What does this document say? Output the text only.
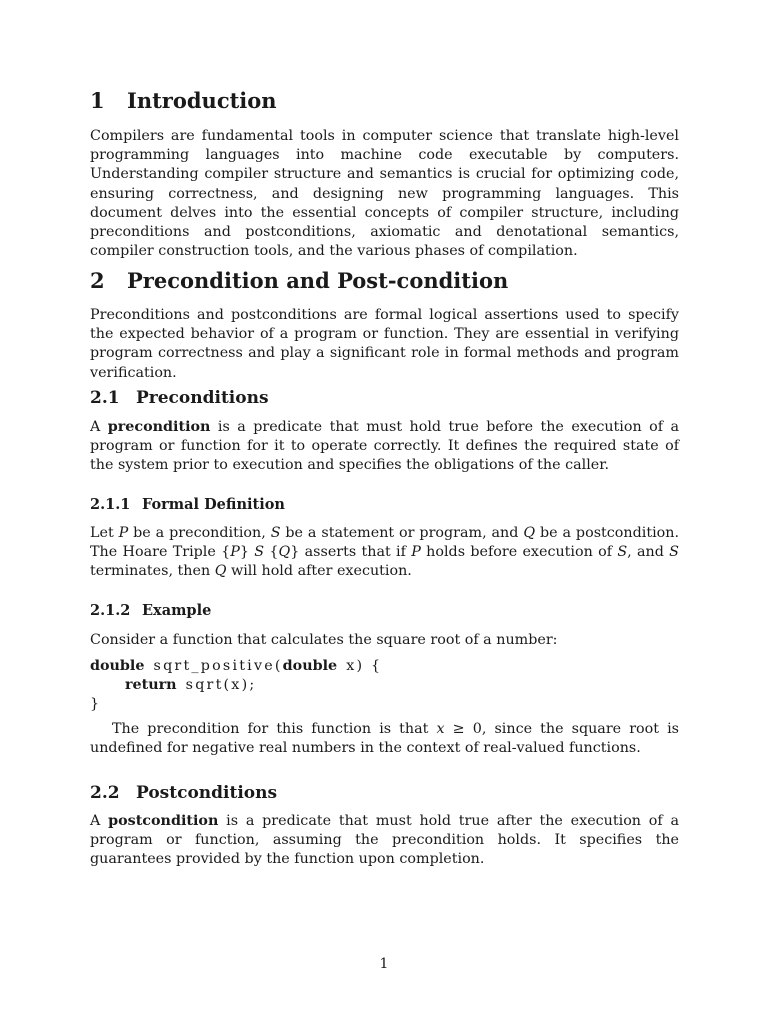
1 Introduction

Compilers are fundamental tools in computer science that translate high-level programming languages into machine code executable by computers. Understanding compiler structure and semantics is crucial for optimizing code, ensuring correctness, and designing new programming languages. This document delves into the essential concepts of compiler structure, including preconditions and postconditions, axiomatic and denotational semantics, compiler construction tools, and the various phases of compilation.

2 Precondition and Post-condition

Preconditions and postconditions are formal logical assertions used to specify the expected behavior of a program or function. They are essential in verifying program correctness and play a significant role in formal methods and program verification.

2.1 Preconditions

A precondition is a predicate that must hold true before the execution of a program or function for it to operate correctly. It defines the required state of the system prior to execution and specifies the obligations of the caller.

2.1.1 Formal Definition

Let P be a precondition, S be a statement or program, and Q be a postcondition. The Hoare Triple {P} S {Q} asserts that if P holds before execution of S, and S terminates, then Q will hold after execution.

2.1.2 Example

Consider a function that calculates the square root of a number:

double sqrt_positive(double x) {
return sqrt(x);
}

The precondition for this function is that x ≥ 0, since the square root is undefined for negative real numbers in the context of real-valued functions.

2.2 Postconditions

A postcondition is a predicate that must hold true after the execution of a program or function, assuming the precondition holds. It specifies the guarantees provided by the function upon completion.

1
